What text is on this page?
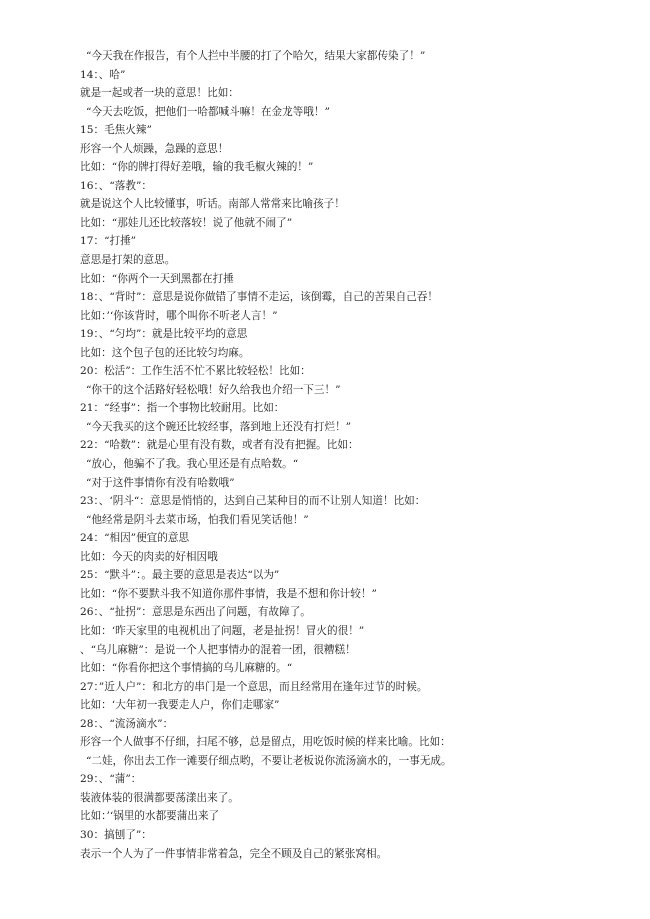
“今天我在作报告，有个人拦中半腰的打了个哈欠，结果大家都传染了！”
14：、哈”
就是一起或者一块的意思！比如：
“今天去吃饭，把他们一哈都喊斗嘛！在金龙等哦！”
15：毛焦火辣”
形容一个人烦躁，急躁的意思！
比如：“你的牌打得好差哦，输的我毛椒火辣的！”
16：、“落教”：
就是说这个人比较懂事，听话。南部人常常来比喻孩子！
比如：“那娃儿还比较落较！说了他就不闹了”
17：“打捶”
意思是打架的意思。
比如：“你两个一天到黑都在打捶
18：、“背时”：意思是说你做错了事情不走运，该倒霉，自己的苦果自己吞！
比如：’‘你该背时，哪个叫你不听老人言！”
19：、“匀均”：就是比较平均的意思
比如：这个包子包的还比较匀均麻。
20：松活”：工作生活不忙不累比较轻松！比如：
“你干的这个活路好轻松哦！好久给我也介绍一下三！”
21：“经事”：指一个事物比较耐用。比如：
“今天我买的这个碗还比较经事，落到地上还没有打烂！”
22：“哈数”：就是心里有没有数，或者有没有把握。比如：
“放心，他骗不了我。我心里还是有点哈数。“
“对于这件事情你有没有哈数哦”
23：、‘阴斗“：意思是悄悄的，达到自己某种目的而不让别人知道！比如：
“他经常是阴斗去菜市场，怕我们看见笑话他！”
24：“相因”便宜的意思
比如：今天的肉卖的好相因哦
25：“默斗”：。最主要的意思是表达“以为”
比如：“你不要默斗我不知道你那件事情，我是不想和你计较！”
26：、“扯拐”：意思是东西出了问题，有故障了。
比如：‘昨天家里的电视机出了问题，老是扯拐！冒火的很！”
、“乌儿麻糖”：是说一个人把事情办的混着一团，很糟糕！
比如：“你看你把这个事情搞的乌儿麻糖的。“
27：”近人户”：和北方的串门是一个意思，而且经常用在逢年过节的时候。
比如：‘大年初一我要走人户，你们走哪家”
28：、“流汤滴水”：
形容一个人做事不仔细，扫尾不够，总是留点，用吃饭时候的样来比喻。比如：
“二娃，你出去工作一滩要仔细点哟，不要让老板说你流汤滴水的，一事无成。
29：、“蒲”：
装液体装的很满都要荡漾出来了。
比如：’‘锅里的水都要蒲出来了
30：搞刨了”：
表示一个人为了一件事情非常着急，完全不顾及自己的紧张窝相。
